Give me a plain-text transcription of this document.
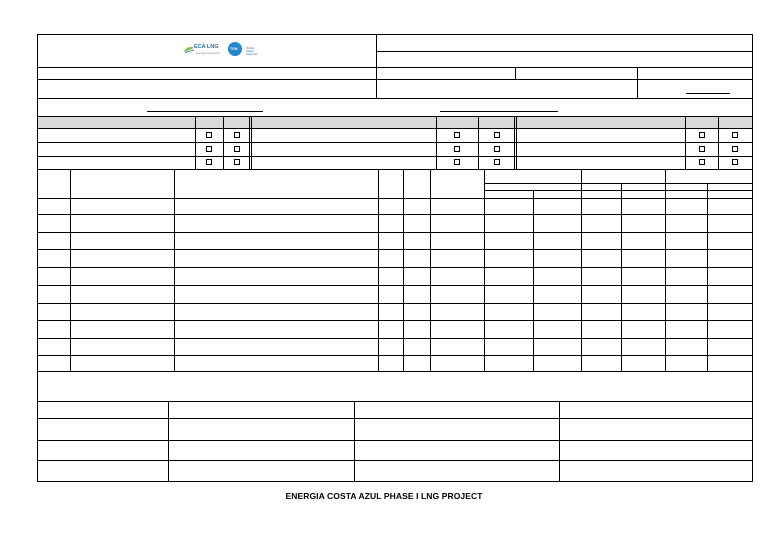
ECA LNG
Energía Costa Azul
TGN	Techint Global Industries
ENERGIA COSTA AZUL PHASE I LNG PROJECT
